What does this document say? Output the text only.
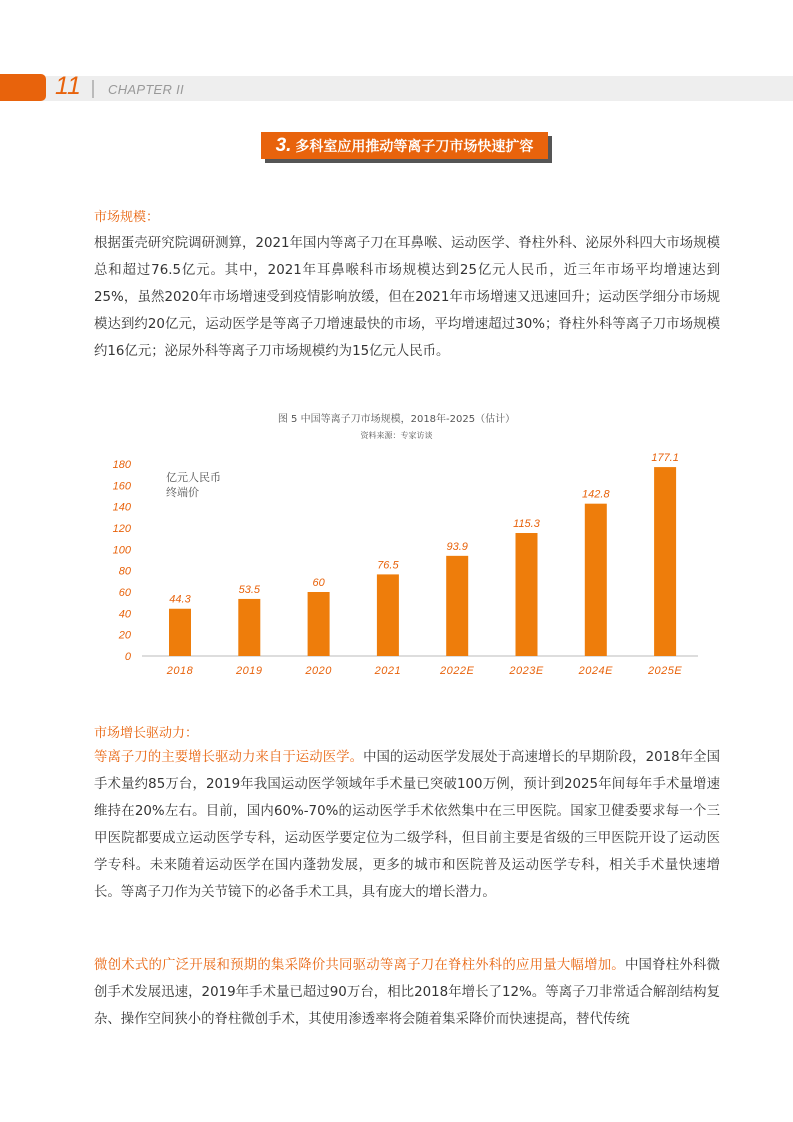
11 CHAPTER II
3. 多科室应用推动等离子刀市场快速扩容
市场规模：

根据蛋壳研究院调研测算，2021年国内等离子刀在耳鼻喉、运动医学、脊柱外科、泌尿外科四大市场规模总和超过76.5亿元。其中，2021年耳鼻喉科市场规模达到25亿元人民币，近三年市场平均增速达到25%，虽然2020年市场增速受到疫情影响放缓，但在2021年市场增速又迅速回升；运动医学细分市场规模达到约20亿元，运动医学是等离子刀增速最快的市场，平均增速超过30%；脊柱外科等离子刀市场规模约16亿元；泌尿外科等离子刀市场规模约为15亿元人民币。

图 5 中国等离子刀市场规模，2018年-2025（估计）
资料来源：专家访谈
0
20
40
60
80
100
120
140
160
180
44.3
53.5
60
76.5
93.9
115.3
142.8
177.1
2018	2019	2020	2021	2022E	2023E	2024E	2025E
亿元人民币
终端价
市场增长驱动力：

等离子刀的主要增长驱动力来自于运动医学。中国的运动医学发展处于高速增长的早期阶段，2018年全国手术量约85万台，2019年我国运动医学领域年手术量已突破100万例，预计到2025年间每年手术量增速维持在20%左右。目前，国内60%-70%的运动医学手术依然集中在三甲医院。国家卫健委要求每一个三甲医院都要成立运动医学专科，运动医学要定位为二级学科，但目前主要是省级的三甲医院开设了运动医学专科。未来随着运动医学在国内蓬勃发展，更多的城市和医院普及运动医学专科，相关手术量快速增长。等离子刀作为关节镜下的必备手术工具，具有庞大的增长潜力。

微创术式的广泛开展和预期的集采降价共同驱动等离子刀在脊柱外科的应用量大幅增加。中国脊柱外科微创手术发展迅速，2019年手术量已超过90万台，相比2018年增长了12%。等离子刀非常适合解剖结构复杂、操作空间狭小的脊柱微创手术，其使用渗透率将会随着集采降价而快速提高，替代传统
